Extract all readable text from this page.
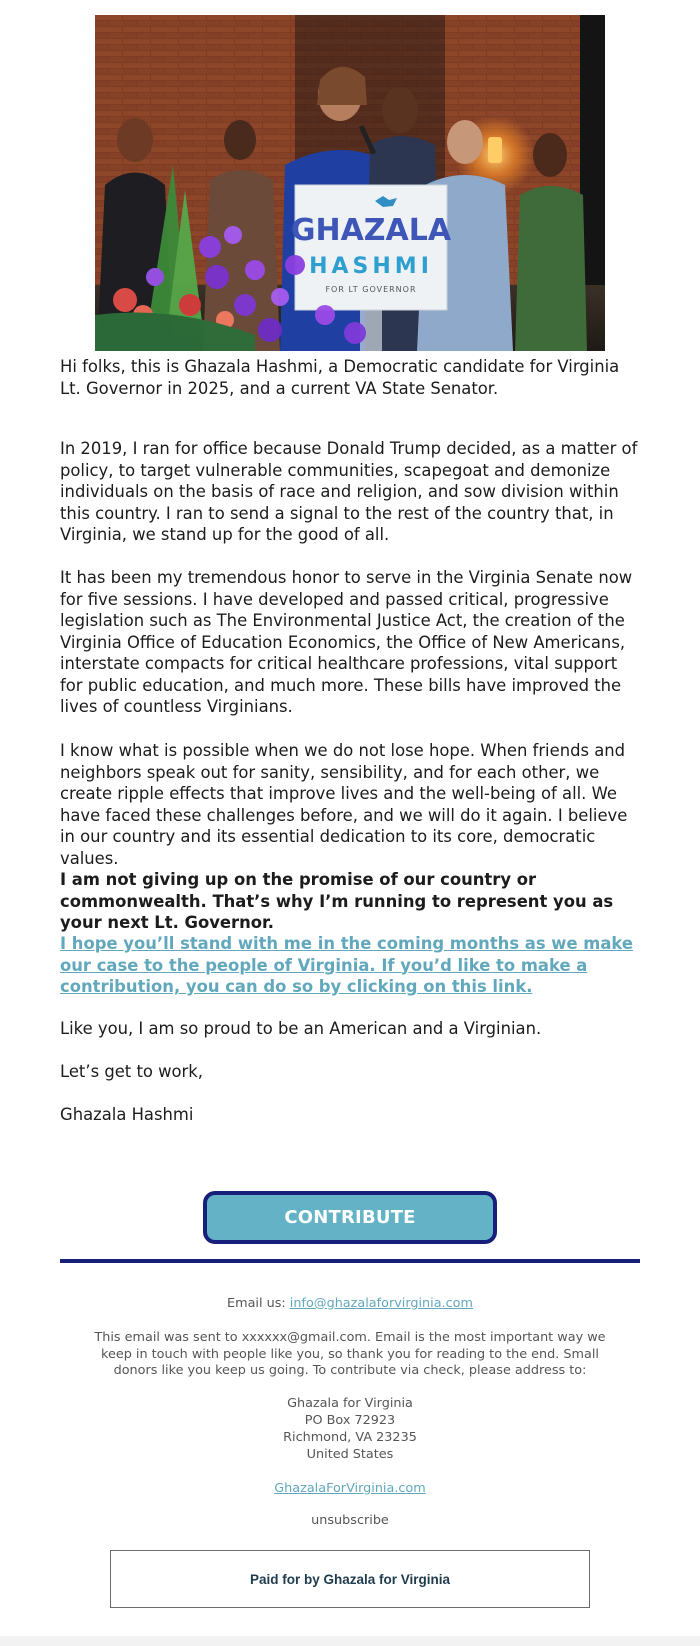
GHAZALA
HASHMI
FOR LT GOVERNOR

Hi folks, this is Ghazala Hashmi, a Democratic candidate for Virginia Lt. Governor in 2025, and a current VA State Senator.

In 2019, I ran for office because Donald Trump decided, as a matter of policy, to target vulnerable communities, scapegoat and demonize individuals on the basis of race and religion, and sow division within this country. I ran to send a signal to the rest of the country that, in Virginia, we stand up for the good of all.

It has been my tremendous honor to serve in the Virginia Senate now for five sessions. I have developed and passed critical, progressive legislation such as The Environmental Justice Act, the creation of the Virginia Office of Education Economics, the Office of New Americans, interstate compacts for critical healthcare professions, vital support for public education, and much more. These bills have improved the lives of countless Virginians.

I know what is possible when we do not lose hope. When friends and neighbors speak out for sanity, sensibility, and for each other, we create ripple effects that improve lives and the well-being of all. We have faced these challenges before, and we will do it again. I believe in our country and its essential dedication to its core, democratic values.

I am not giving up on the promise of our country or commonwealth. That’s why I’m running to represent you as your next Lt. Governor.

I hope you’ll stand with me in the coming months as we make our case to the people of Virginia. If you’d like to make a contribution, you can do so by clicking on this link.

Like you, I am so proud to be an American and a Virginian.

Let’s get to work,

Ghazala Hashmi

CONTRIBUTE

Email us: info@ghazalaforvirginia.com

This email was sent to xxxxxx@gmail.com. Email is the most important way we keep in touch with people like you, so thank you for reading to the end. Small donors like you keep us going. To contribute via check, please address to:

Ghazala for Virginia

PO Box 72923

Richmond, VA 23235

United States

GhazalaForVirginia.com

unsubscribe

Paid for by Ghazala for Virginia
